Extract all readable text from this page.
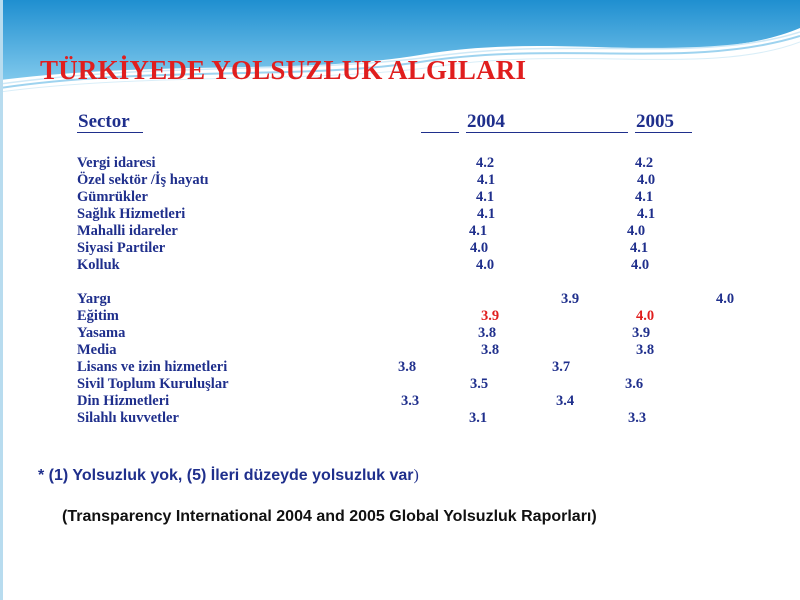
TÜRKİYEDE YOLSUZLUK ALGILARI
Sector	2004	2005
Vergi idaresi	4.2	4.2
Özel sektör /İş hayatı	4.1	4.0
Gümrükler	4.1	4.1
Sağlık Hizmetleri	4.1	4.1
Mahalli idareler	4.1	4.0
Siyasi Partiler	4.0	4.1
Kolluk	4.0	4.0
Yargı	3.9	4.0
Eğitim	3.9	4.0
Yasama	3.8	3.9
Media	3.8	3.8
Lisans ve izin hizmetleri	3.8	3.7
Sivil Toplum Kuruluşlar	3.5	3.6
Din Hizmetleri	3.3	3.4
Silahlı kuvvetler	3.1	3.3
* (1) Yolsuzluk yok, (5) İleri düzeyde yolsuzluk var)
(Transparency International 2004 and 2005 Global Yolsuzluk Raporları)
